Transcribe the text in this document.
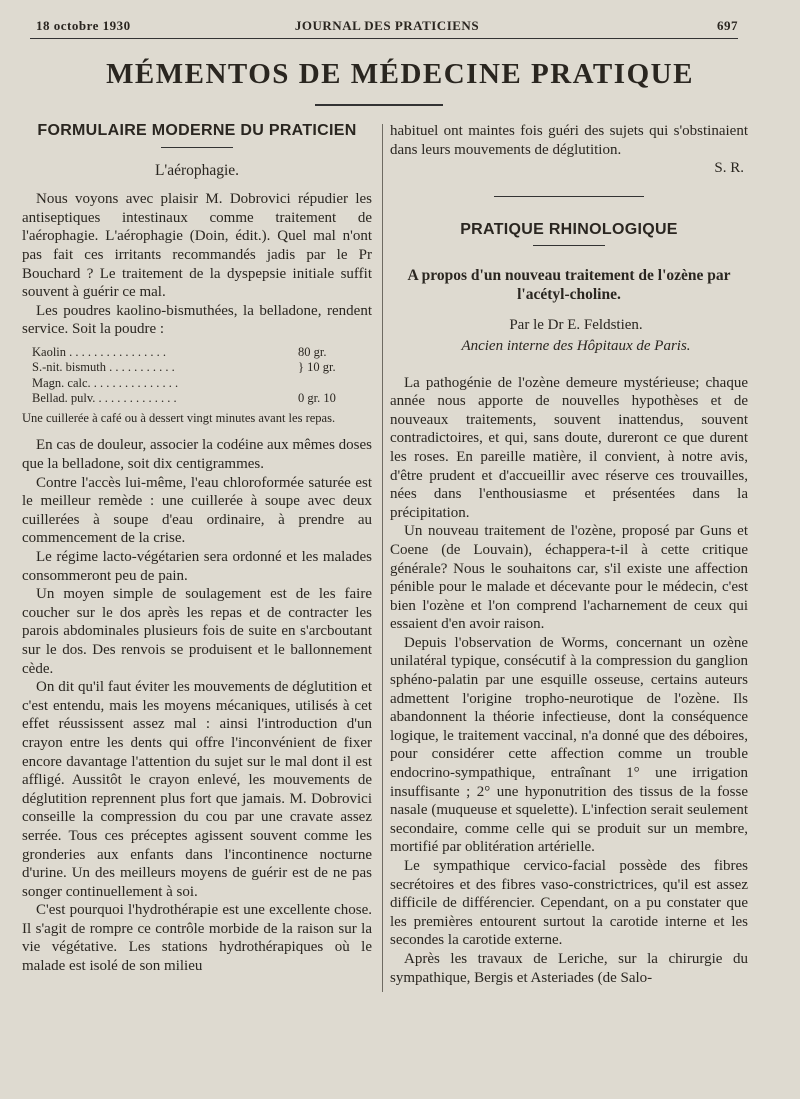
18 octobre 1930	JOURNAL DES PRATICIENS	697
MÉMENTOS DE MÉDECINE PRATIQUE
FORMULAIRE MODERNE DU PRATICIEN
L'aérophagie.

Nous voyons avec plaisir M. Dobrovici répudier les antiseptiques intestinaux comme traitement de l'aérophagie. L'aérophagie (Doin, édit.). Quel mal n'ont pas fait ces irritants recommandés jadis par le Pr Bouchard ? Le traitement de la dyspepsie initiale suffit souvent à guérir ce mal.

Les poudres kaolino-bismuthées, la belladone, rendent service. Soit la poudre :

Kaolin . . . . . . . . . . . . . . . .	80 gr.
S.-nit. bismuth . . . . . . . . . . .	} 10 gr.
Magn. calc. . . . . . . . . . . . . . .
Bellad. pulv. . . . . . . . . . . . . .	0 gr. 10
Une cuillerée à café ou à dessert vingt minutes avant les repas.

En cas de douleur, associer la codéine aux mêmes doses que la belladone, soit dix centigrammes.

Contre l'accès lui-même, l'eau chloroformée saturée est le meilleur remède : une cuillerée à soupe avec deux cuillerées à soupe d'eau ordinaire, à prendre au commencement de la crise.

Le régime lacto-végétarien sera ordonné et les malades consommeront peu de pain.

Un moyen simple de soulagement est de les faire coucher sur le dos après les repas et de contracter les parois abdominales plusieurs fois de suite en s'arcboutant sur le dos. Des renvois se produisent et le ballonnement cède.

On dit qu'il faut éviter les mouvements de déglutition et c'est entendu, mais les moyens mécaniques, utilisés à cet effet réussissent assez mal : ainsi l'introduction d'un crayon entre les dents qui offre l'inconvénient de fixer encore davantage l'attention du sujet sur le mal dont il est affligé. Aussitôt le crayon enlevé, les mouvements de déglutition reprennent plus fort que jamais. M. Dobrovici conseille la compression du cou par une cravate assez serrée. Tous ces préceptes agissent souvent comme les gronderies aux enfants dans l'incontinence nocturne d'urine. Un des meilleurs moyens de guérir est de ne pas songer continuellement à soi.

C'est pourquoi l'hydrothérapie est une excellente chose. Il s'agit de rompre ce contrôle morbide de la raison sur la vie végétative. Les stations hydrothérapiques où le malade est isolé de son milieu

habituel ont maintes fois guéri des sujets qui s'obstinaient dans leurs mouvements de déglutition.

S. R.
PRATIQUE RHINOLOGIQUE
A propos d'un nouveau traitement de l'ozène par l'acétyl-choline.

Par le Dr E. Feldstien.

Ancien interne des Hôpitaux de Paris.

La pathogénie de l'ozène demeure mystérieuse; chaque année nous apporte de nouvelles hypothèses et de nouveaux traitements, souvent inattendus, souvent contradictoires, et qui, sans doute, dureront ce que durent les roses. En pareille matière, il convient, à notre avis, d'être prudent et d'accueillir avec réserve ces trouvailles, nées dans l'enthousiasme et présentées dans la précipitation.

Un nouveau traitement de l'ozène, proposé par Guns et Coene (de Louvain), échappera-t-il à cette critique générale? Nous le souhaitons car, s'il existe une affection pénible pour le malade et décevante pour le médecin, c'est bien l'ozène et l'on comprend l'acharnement de ceux qui essaient d'en avoir raison.

Depuis l'observation de Worms, concernant un ozène unilatéral typique, consécutif à la compression du ganglion sphéno-palatin par une esquille osseuse, certains auteurs admettent l'origine tropho-neurotique de l'ozène. Ils abandonnent la théorie infectieuse, dont la conséquence logique, le traitement vaccinal, n'a donné que des déboires, pour considérer cette affection comme un trouble endocrino-sympathique, entraînant 1° une irrigation insuffisante ; 2° une hyponutrition des tissus de la fosse nasale (muqueuse et squelette). L'infection serait seulement secondaire, comme celle qui se produit sur un membre, mortifié par oblitération artérielle.

Le sympathique cervico-facial possède des fibres secrétoires et des fibres vaso-constrictrices, qu'il est assez difficile de différencier. Cependant, on a pu constater que les premières entourent surtout la carotide interne et les secondes la carotide externe.

Après les travaux de Leriche, sur la chirurgie du sympathique, Bergis et Asteriades (de Salo-
